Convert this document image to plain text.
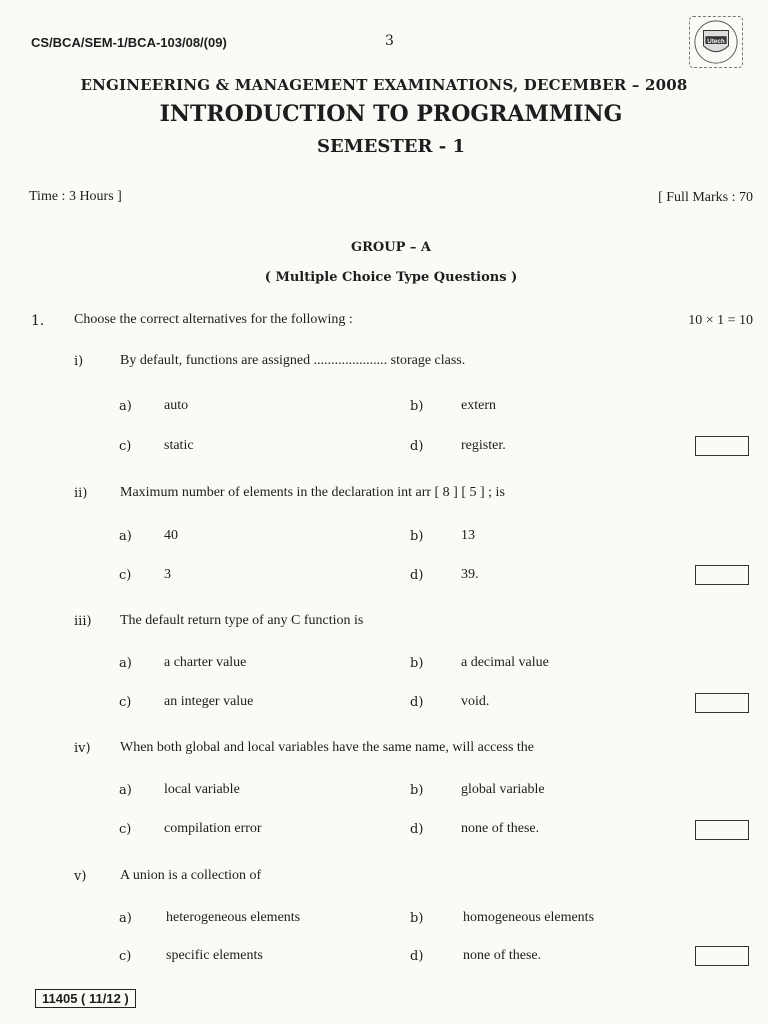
CS/BCA/SEM-1/BCA-103/08/(09)	3	Utech
ENGINEERING & MANAGEMENT EXAMINATIONS, DECEMBER – 2008
INTRODUCTION TO PROGRAMMING
SEMESTER - 1
Time : 3 Hours ]	[ Full Marks : 70
GROUP – A
( Multiple Choice Type Questions )
1. Choose the correct alternatives for the following :	10 × 1 = 10
i)	By default, functions are assigned ..................... storage class.
a) auto	b)	extern
c) static	d)	register.
ii) Maximum number of elements in the declaration int arr [ 8 ] [ 5 ] ; is
a) 40	b)	13
c) 3	d)	39.
iii) The default return type of any C function is
a) a charter value	b)	a decimal value
c) an integer value	d)	void.
iv) When both global and local variables have the same name, will access the
a) local variable	b)	global variable
c) compilation error	d)	none of these.
v) A union is a collection of
a) heterogeneous elements	b)	homogeneous elements
c) specific elements	d)	none of these.
11405 ( 11/12 )
